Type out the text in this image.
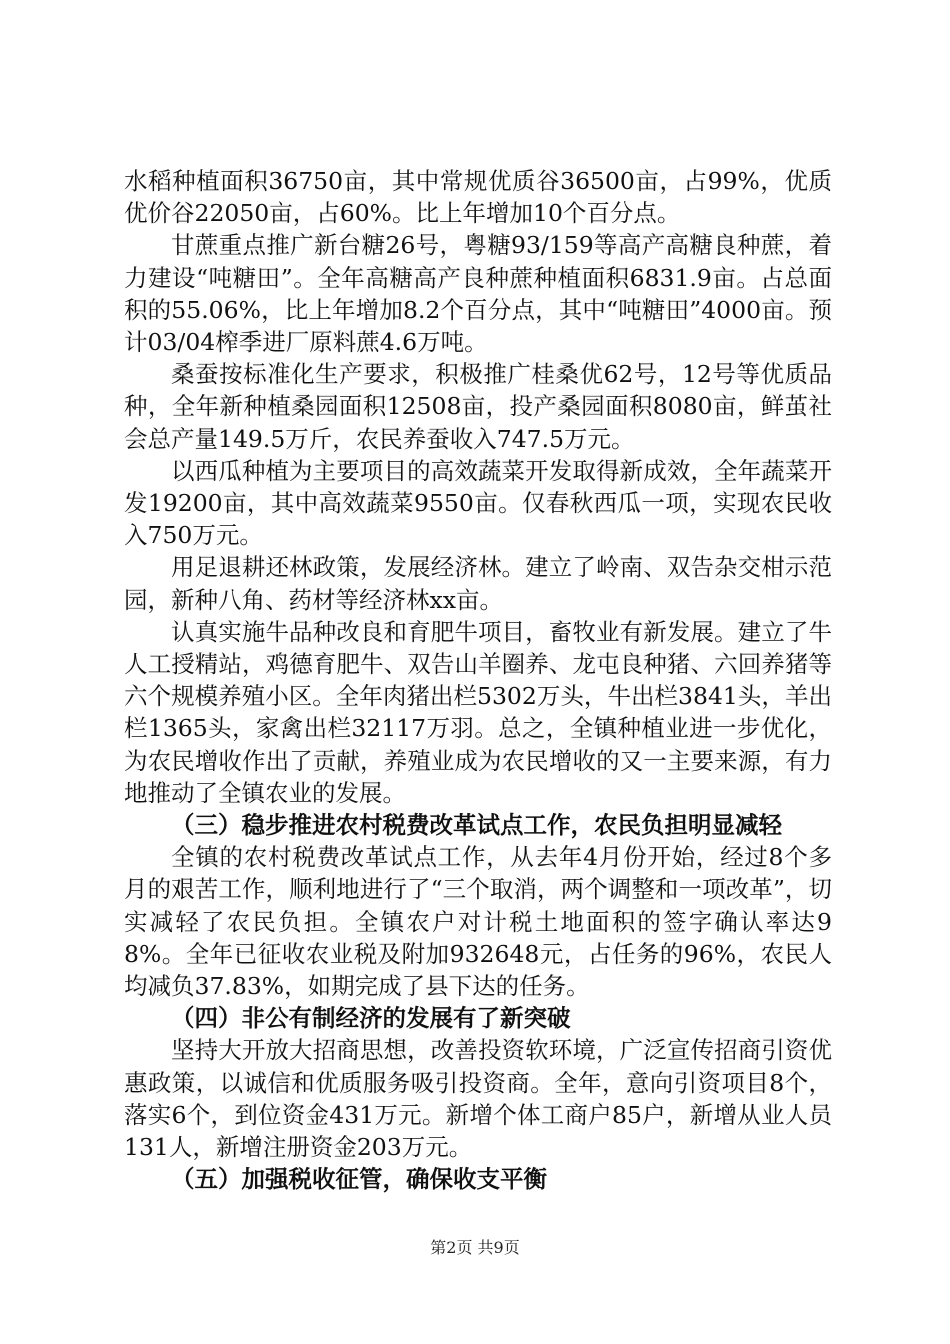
水稻种植面积36750亩，其中常规优质谷36500亩，占99%，优质优价谷22050亩，占60%。比上年增加10个百分点。

甘蔗重点推广新台糖26号，粤糖93/159等高产高糖良种蔗，着力建设“吨糖田”。全年高糖高产良种蔗种植面积6831.9亩。占总面积的55.06%，比上年增加8.2个百分点，其中“吨糖田”4000亩。预计03/04榨季进厂原料蔗4.6万吨。

桑蚕按标准化生产要求，积极推广桂桑优62号，12号等优质品种，全年新种植桑园面积12508亩，投产桑园面积8080亩，鲜茧社会总产量149.5万斤，农民养蚕收入747.5万元。

以西瓜种植为主要项目的高效蔬菜开发取得新成效，全年蔬菜开发19200亩，其中高效蔬菜9550亩。仅春秋西瓜一项，实现农民收入750万元。

用足退耕还林政策，发展经济林。建立了岭南、双告杂交柑示范园，新种八角、药材等经济林xx亩。

认真实施牛品种改良和育肥牛项目，畜牧业有新发展。建立了牛人工授精站，鸡德育肥牛、双告山羊圈养、龙屯良种猪、六回养猪等六个规模养殖小区。全年肉猪出栏5302万头，牛出栏3841头，羊出栏1365头，家禽出栏32117万羽。总之，全镇种植业进一步优化，为农民增收作出了贡献，养殖业成为农民增收的又一主要来源，有力地推动了全镇农业的发展。

（三）稳步推进农村税费改革试点工作，农民负担明显减轻

全镇的农村税费改革试点工作，从去年4月份开始，经过8个多月的艰苦工作，顺利地进行了“三个取消，两个调整和一项改革”，切实减轻了农民负担。全镇农户对计税土地面积的签字确认率达98%。全年已征收农业税及附加932648元，占任务的96%，农民人均减负37.83%，如期完成了县下达的任务。

（四）非公有制经济的发展有了新突破

坚持大开放大招商思想，改善投资软环境，广泛宣传招商引资优惠政策，以诚信和优质服务吸引投资商。全年，意向引资项目8个，落实6个，到位资金431万元。新增个体工商户85户，新增从业人员131人，新增注册资金203万元。

（五）加强税收征管，确保收支平衡

第2页 共9页
